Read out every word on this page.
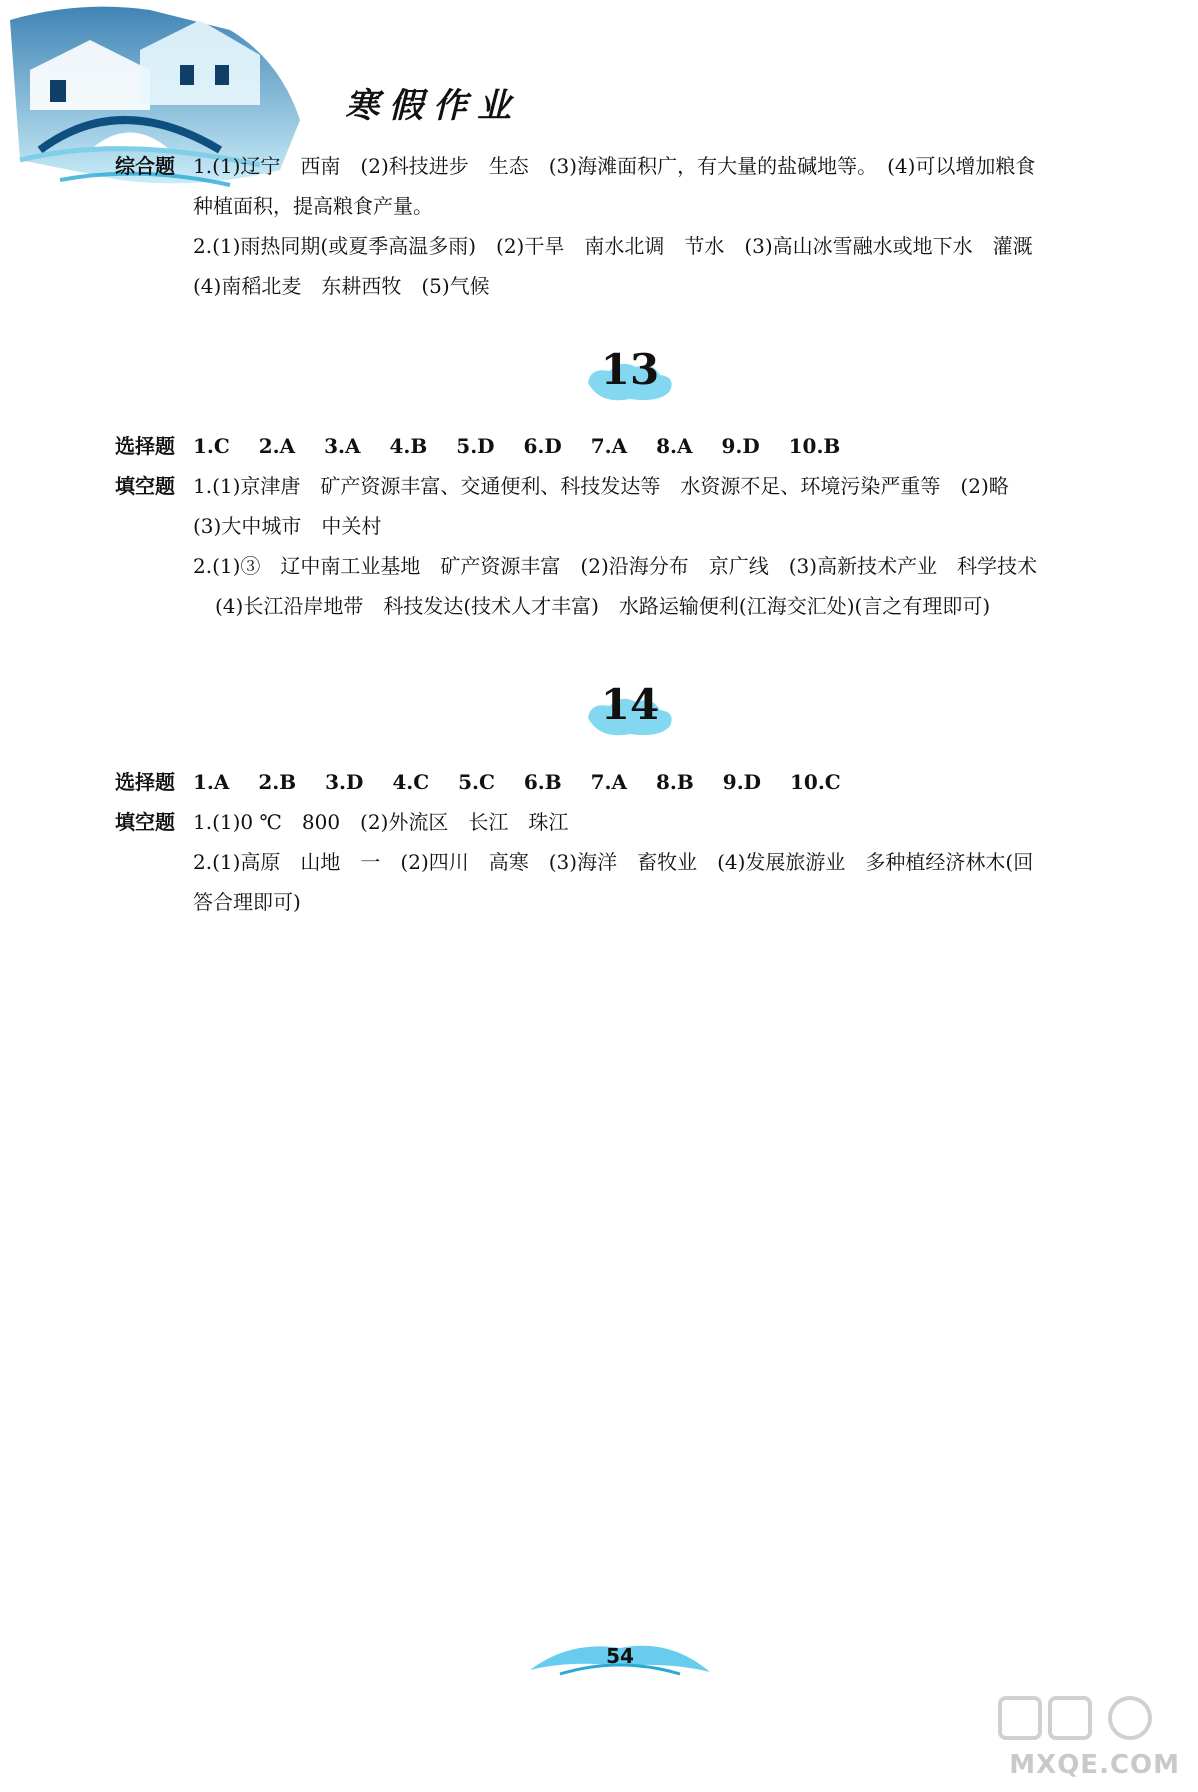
寒假作业
综合题 1.(1)辽宁　西南　(2)科技进步　生态　(3)海滩面积广，有大量的盐碱地等。　(4)可以增加粮食
种植面积，提高粮食产量。
2.(1)雨热同期(或夏季高温多雨)　(2)干旱　南水北调　节水　(3)高山冰雪融水或地下水　灌溉
(4)南稻北麦　东耕西牧　(5)气候
13
选择题 1.C 2.A 3.A 4.B 5.D 6.D 7.A 8.A 9.D 10.B
填空题 1.(1)京津唐　矿产资源丰富、交通便利、科技发达等　水资源不足、环境污染严重等　(2)略
(3)大中城市　中关村
2.(1)③　辽中南工业基地　矿产资源丰富　(2)沿海分布　京广线　(3)高新技术产业　科学技术
(4)长江沿岸地带　科技发达(技术人才丰富)　水路运输便利(江海交汇处)(言之有理即可)
14
选择题 1.A 2.B 3.D 4.C 5.C 6.B 7.A 8.B 9.D 10.C
填空题 1.(1)0 ℃　800　(2)外流区　长江　珠江
2.(1)高原　山地　一　(2)四川　高寒　(3)海洋　畜牧业　(4)发展旅游业　多种植经济林木(回
答合理即可)
54
MXQE.COM
